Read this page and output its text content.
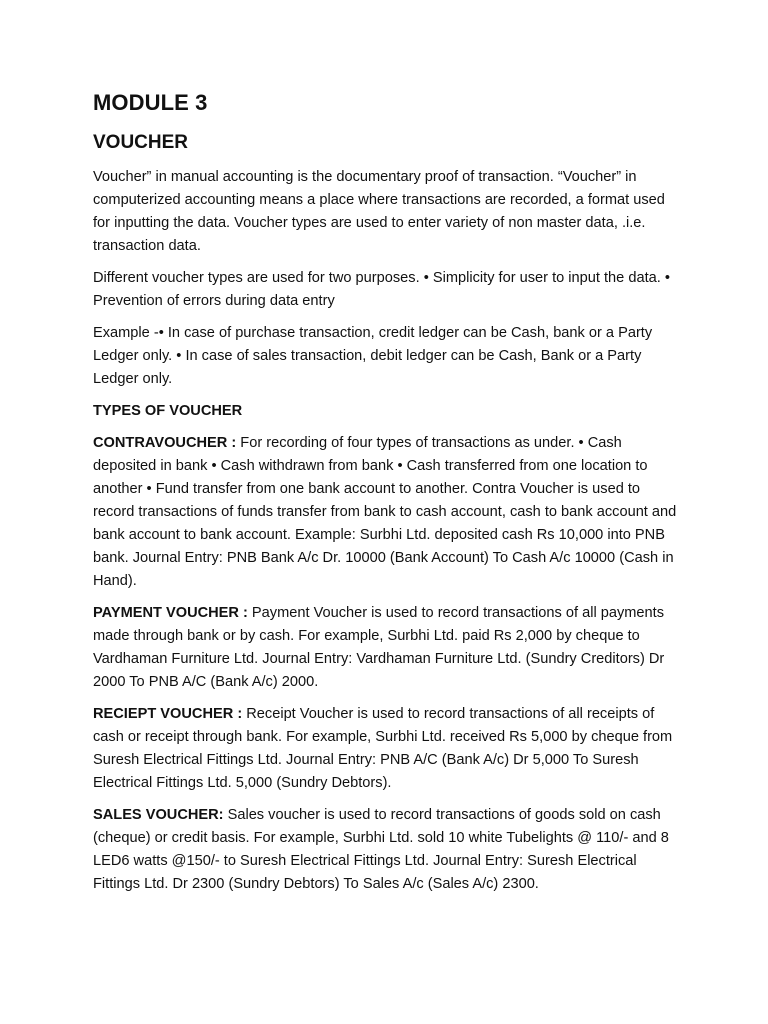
MODULE 3
VOUCHER

Voucher” in manual accounting is the documentary proof of transaction. “Voucher” in computerized accounting means a place where transactions are recorded, a format used for inputting the data. Voucher types are used to enter variety of non master data, .i.e. transaction data.

Different voucher types are used for two purposes. • Simplicity for user to input the data. • Prevention of errors during data entry

Example -• In case of purchase transaction, credit ledger can be Cash, bank or a Party Ledger only. • In case of sales transaction, debit ledger can be Cash, Bank or a Party Ledger only.

TYPES OF VOUCHER

CONTRAVOUCHER : For recording of four types of transactions as under. • Cash deposited in bank • Cash withdrawn from bank • Cash transferred from one location to another • Fund transfer from one bank account to another. Contra Voucher is used to record transactions of funds transfer from bank to cash account, cash to bank account and bank account to bank account. Example: Surbhi Ltd. deposited cash Rs 10,000 into PNB bank. Journal Entry: PNB Bank A/c Dr. 10000 (Bank Account) To Cash A/c 10000 (Cash in Hand).

PAYMENT VOUCHER : Payment Voucher is used to record transactions of all payments made through bank or by cash. For example, Surbhi Ltd. paid Rs 2,000 by cheque to Vardhaman Furniture Ltd. Journal Entry: Vardhaman Furniture Ltd. (Sundry Creditors) Dr 2000 To PNB A/C (Bank A/c) 2000.

RECIEPT VOUCHER : Receipt Voucher is used to record transactions of all receipts of cash or receipt through bank. For example, Surbhi Ltd. received Rs 5,000 by cheque from Suresh Electrical Fittings Ltd. Journal Entry: PNB A/C (Bank A/c) Dr 5,000 To Suresh Electrical Fittings Ltd. 5,000 (Sundry Debtors).

SALES VOUCHER: Sales voucher is used to record transactions of goods sold on cash (cheque) or credit basis. For example, Surbhi Ltd. sold 10 white Tubelights @ 110/- and 8 LED6 watts @150/- to Suresh Electrical Fittings Ltd. Journal Entry: Suresh Electrical Fittings Ltd. Dr 2300 (Sundry Debtors) To Sales A/c (Sales A/c) 2300.
